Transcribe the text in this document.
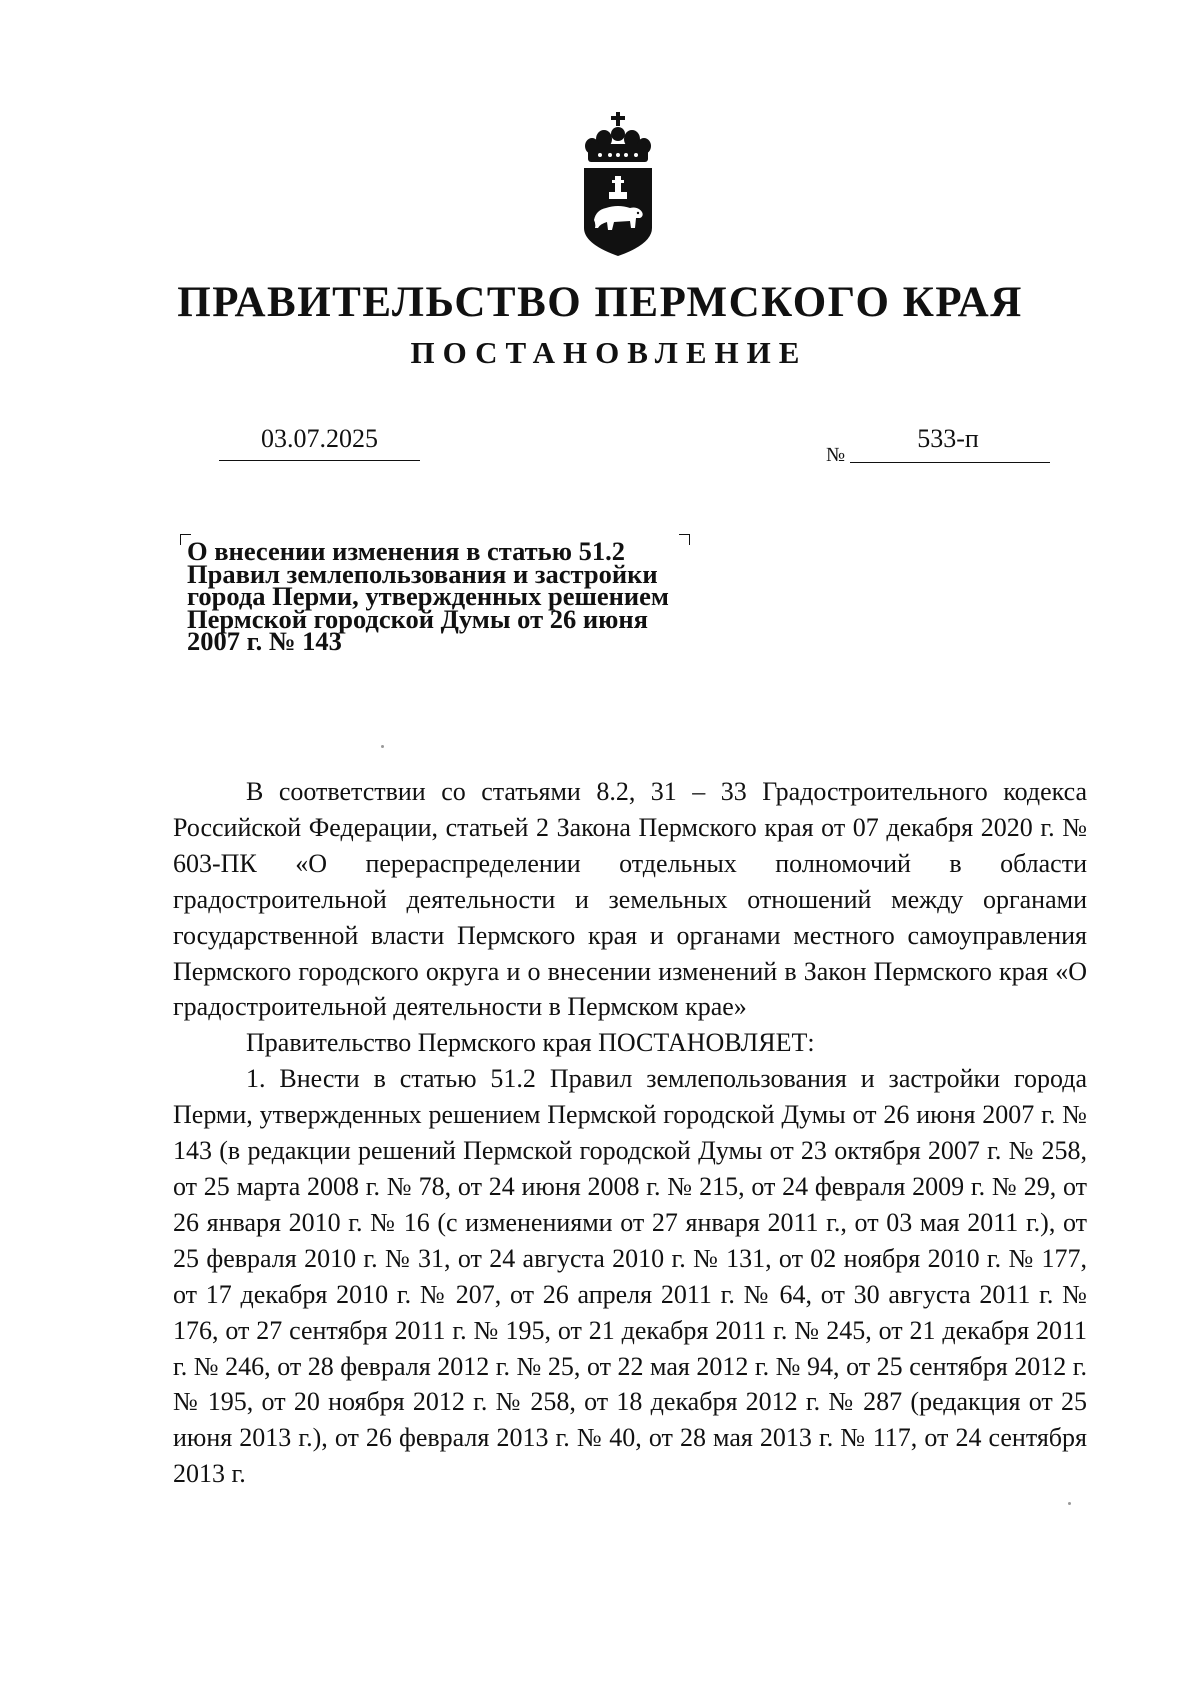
ПРАВИТЕЛЬСТВО ПЕРМСКОГО КРАЯ
ПОСТАНОВЛЕНИЕ
03.07.2025
№
533-п
О внесении изменения в статью 51.2
Правил землепользования и застройки
города Перми, утвержденных решением
Пермской городской Думы от 26 июня
2007 г. № 143

В соответствии со статьями 8.2, 31 – 33 Градостроительного кодекса Российской Федерации, статьей 2 Закона Пермского края от 07 декабря 2020 г. № 603-ПК «О перераспределении отдельных полномочий в области градостроительной деятельности и земельных отношений между органами государственной власти Пермского края и органами местного самоуправления Пермского городского округа и о внесении изменений в Закон Пермского края «О градостроительной деятельности в Пермском крае»

Правительство Пермского края ПОСТАНОВЛЯЕТ:

1. Внести в статью 51.2 Правил землепользования и застройки города Перми, утвержденных решением Пермской городской Думы от 26 июня 2007 г. № 143 (в редакции решений Пермской городской Думы от 23 октября 2007 г. № 258, от 25 марта 2008 г. № 78, от 24 июня 2008 г. № 215, от 24 февраля 2009 г. № 29, от 26 января 2010 г. № 16 (с изменениями от 27 января 2011 г., от 03 мая 2011 г.), от 25 февраля 2010 г. № 31, от 24 августа 2010 г. № 131, от 02 ноября 2010 г. № 177, от 17 декабря 2010 г. № 207, от 26 апреля 2011 г. № 64, от 30 августа 2011 г. № 176, от 27 сентября 2011 г. № 195, от 21 декабря 2011 г. № 245, от 21 декабря 2011 г. № 246, от 28 февраля 2012 г. № 25, от 22 мая 2012 г. № 94, от 25 сентября 2012 г. № 195, от 20 ноября 2012 г. № 258, от 18 декабря 2012 г. № 287 (редакция от 25 июня 2013 г.), от 26 февраля 2013 г. № 40, от 28 мая 2013 г. № 117, от 24 сентября 2013 г.
